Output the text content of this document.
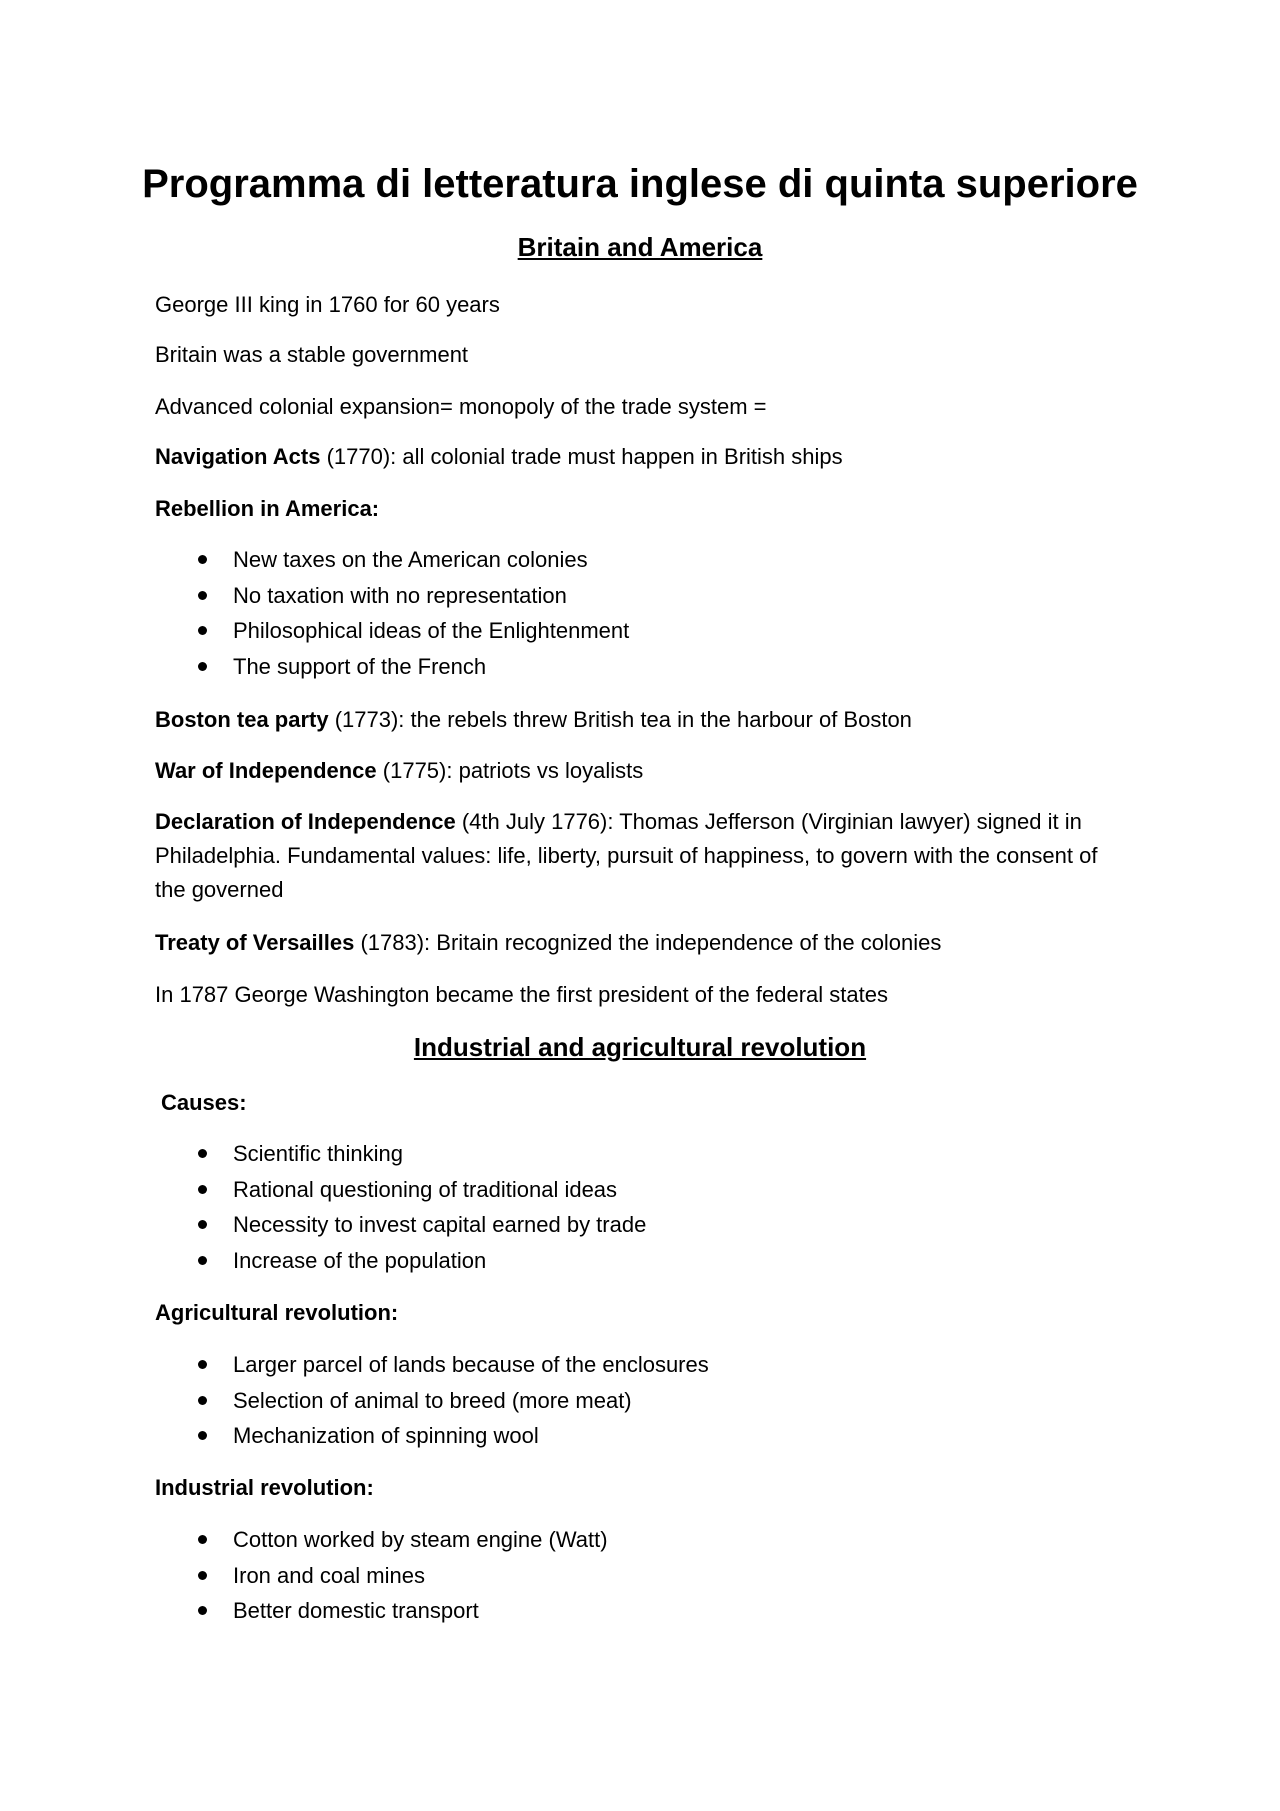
Programma di letteratura inglese di quinta superiore
Britain and America

George III king in 1760 for 60 years

Britain was a stable government

Advanced colonial expansion= monopoly of the trade system =

Navigation Acts (1770): all colonial trade must happen in British ships

Rebellion in America:

New taxes on the American colonies
No taxation with no representation
Philosophical ideas of the Enlightenment
The support of the French

Boston tea party (1773): the rebels threw British tea in the harbour of Boston

War of Independence (1775): patriots vs loyalists

Declaration of Independence (4th July 1776): Thomas Jefferson (Virginian lawyer) signed it in Philadelphia. Fundamental values: life, liberty, pursuit of happiness, to govern with the consent of the governed

Treaty of Versailles (1783): Britain recognized the independence of the colonies

In 1787 George Washington became the first president of the federal states

Industrial and agricultural revolution

Causes:

Scientific thinking
Rational questioning of traditional ideas
Necessity to invest capital earned by trade
Increase of the population

Agricultural revolution:

Larger parcel of lands because of the enclosures
Selection of animal to breed (more meat)
Mechanization of spinning wool

Industrial revolution:

Cotton worked by steam engine (Watt)
Iron and coal mines
Better domestic transport
